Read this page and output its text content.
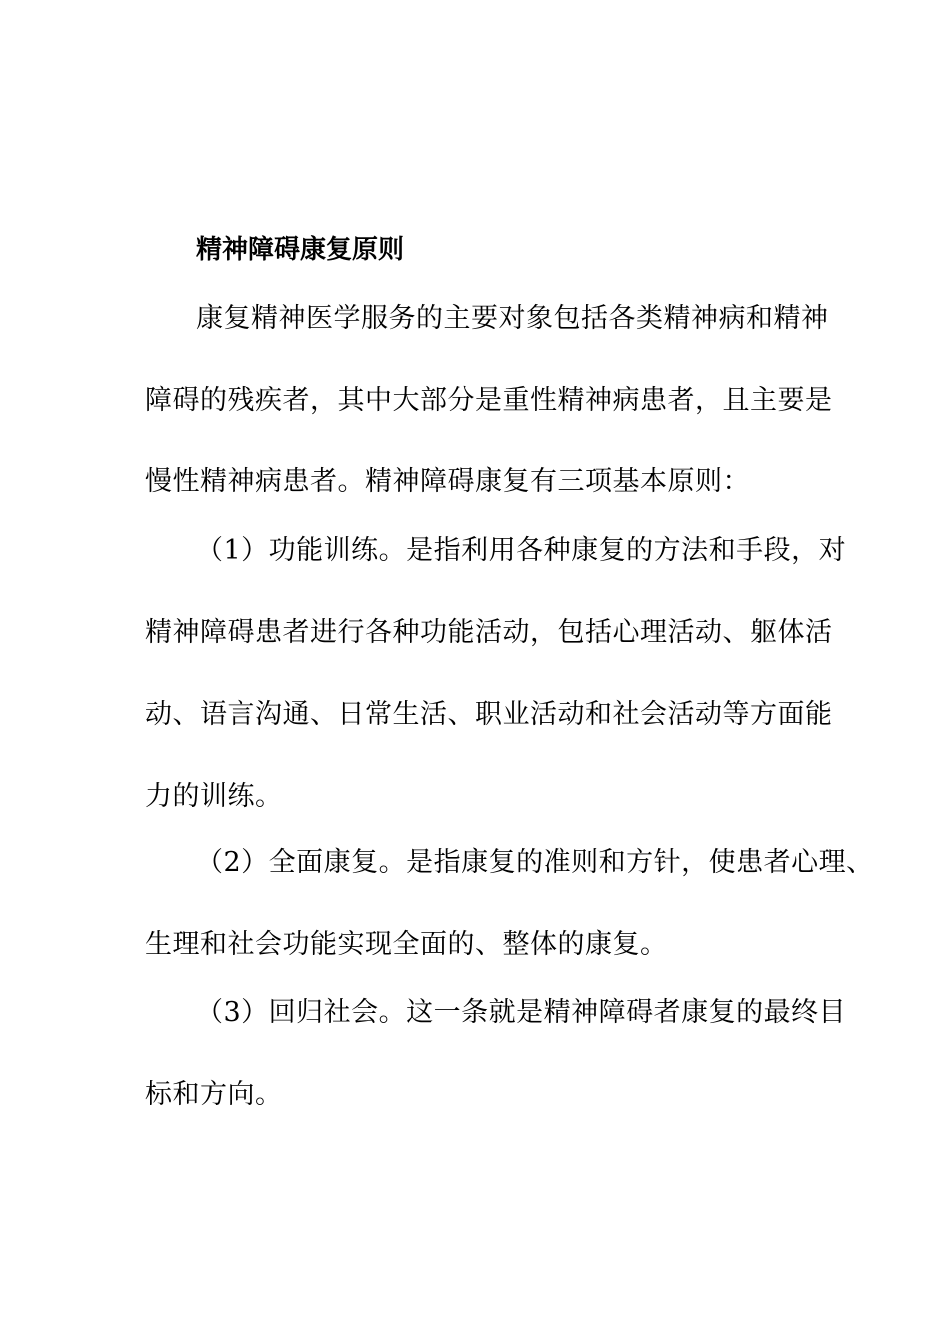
精神障碍康复原则
康复精神医学服务的主要对象包括各类精神病和精神
障碍的残疾者，其中大部分是重性精神病患者，且主要是
慢性精神病患者。精神障碍康复有三项基本原则：
（1）功能训练。是指利用各种康复的方法和手段，对
精神障碍患者进行各种功能活动，包括心理活动、躯体活
动、语言沟通、日常生活、职业活动和社会活动等方面能
力的训练。
（2）全面康复。是指康复的准则和方针，使患者心理、
生理和社会功能实现全面的、整体的康复。
（3）回归社会。这一条就是精神障碍者康复的最终目
标和方向。
